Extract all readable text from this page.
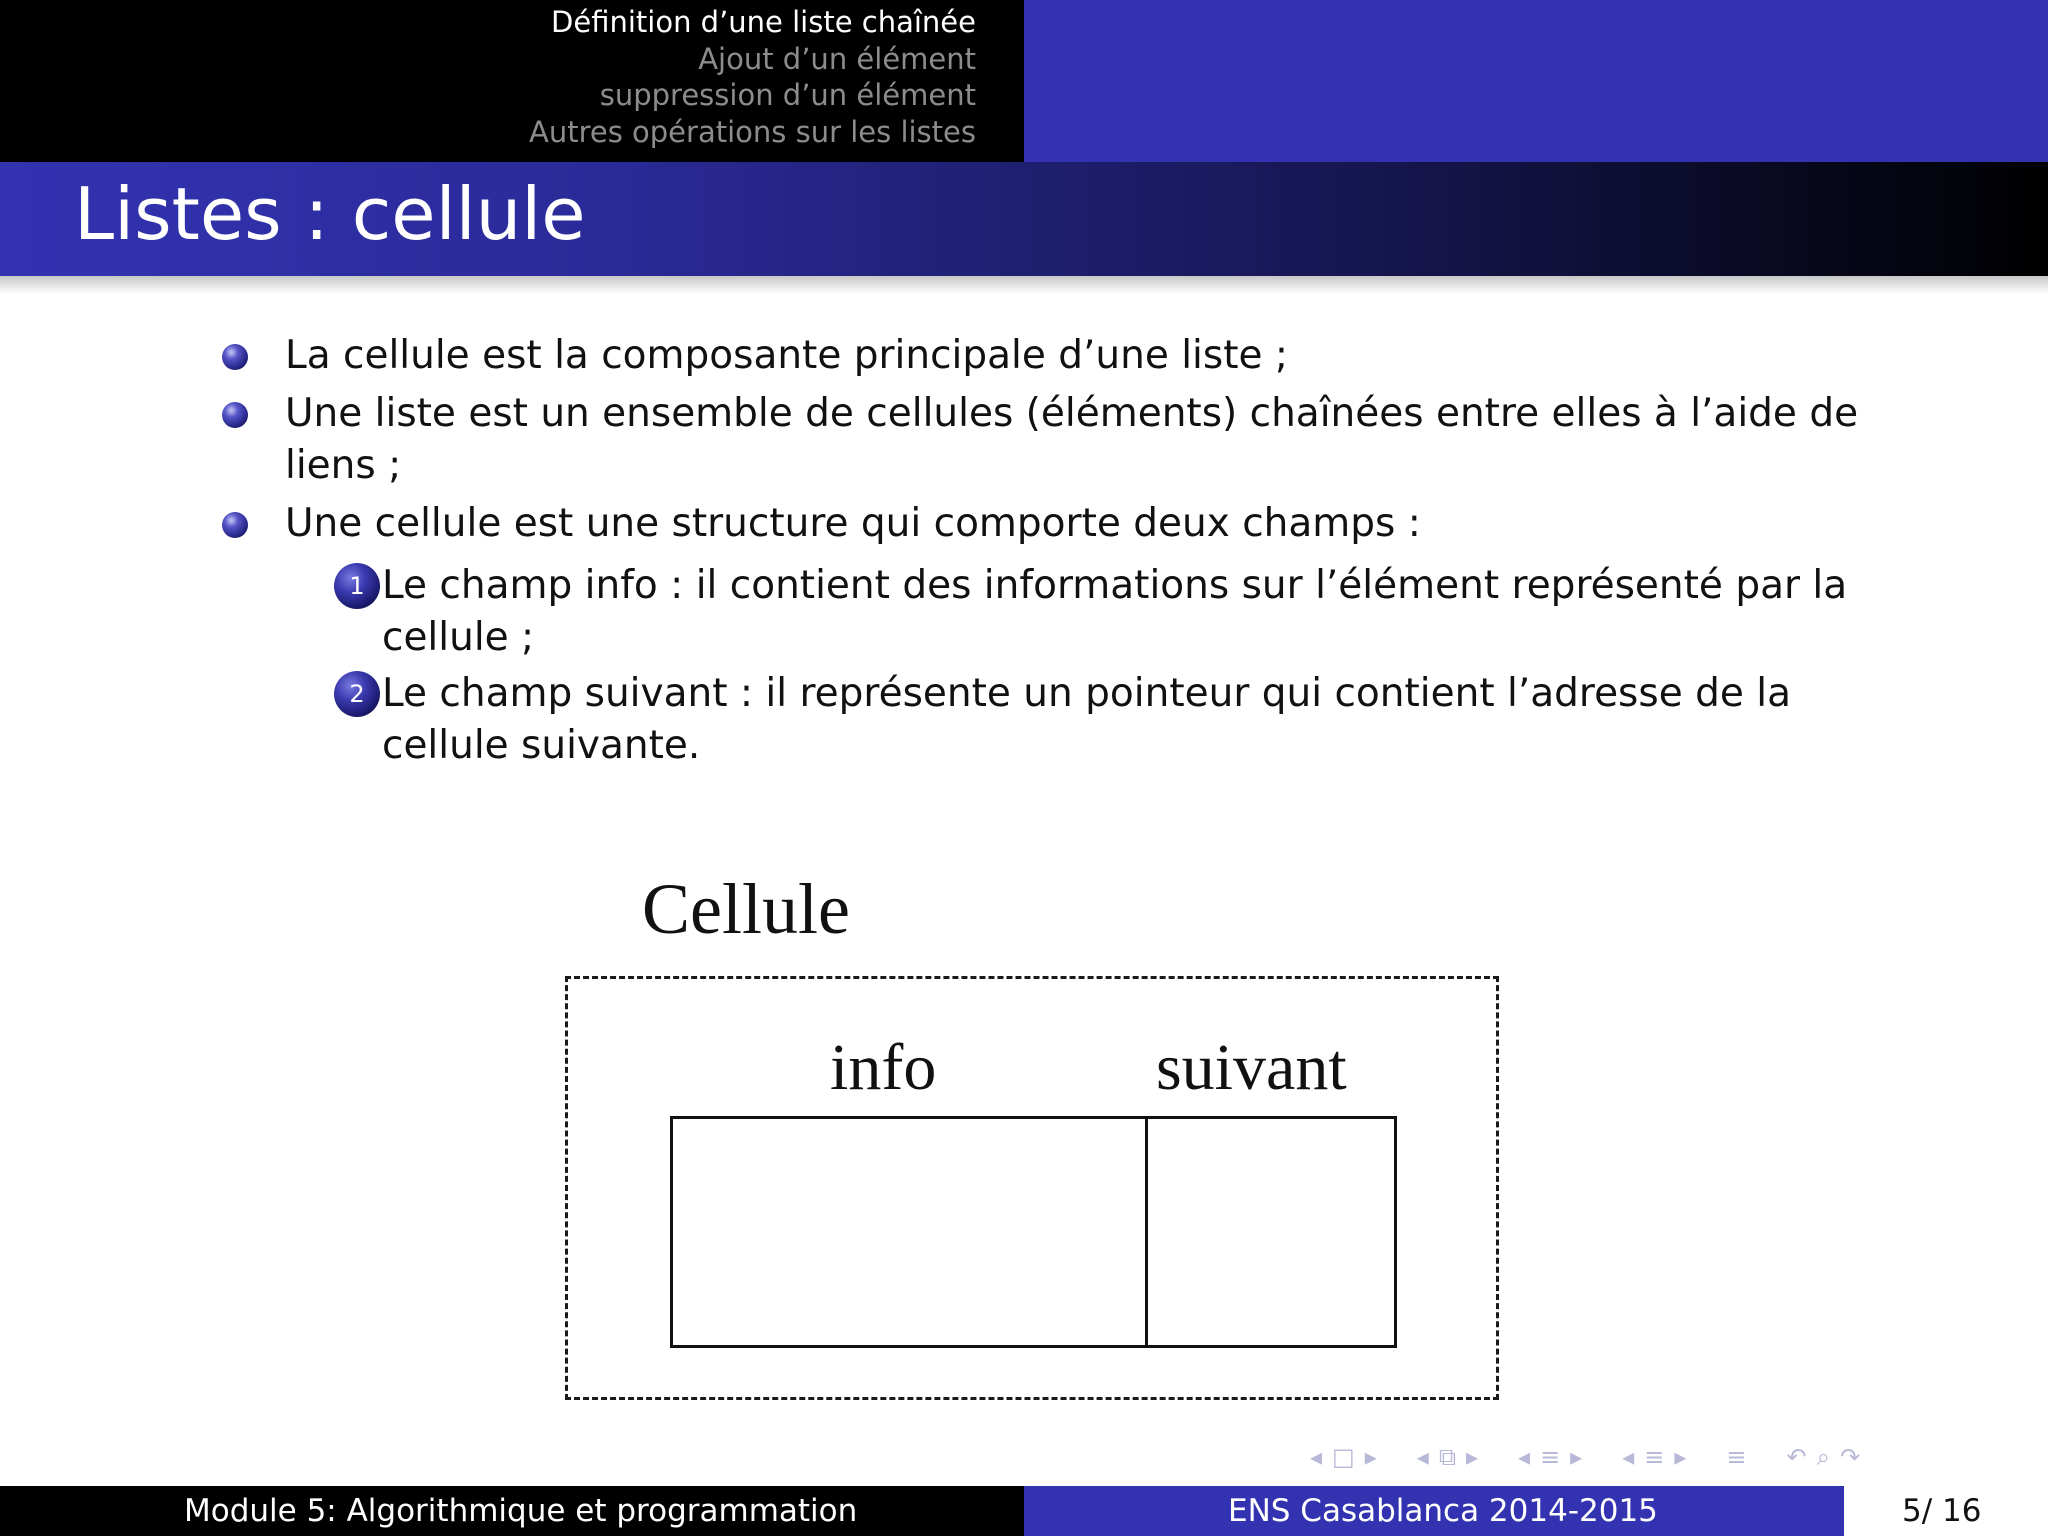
Définition d’une liste chaînée
Ajout d’un élément
suppression d’un élément
Autres opérations sur les listes
Listes : cellule
La cellule est la composante principale d’une liste ;
Une liste est un ensemble de cellules (éléments) chaînées entre elles à l’aide de liens ;
Une cellule est une structure qui comporte deux champs :
1 Le champ info : il contient des informations sur l’élément représenté par la cellule ;
2 Le champ suivant : il représente un pointeur qui contient l’adresse de la cellule suivante.
Cellule
info	suivant
◂ □ ▸ ◂ ⧉ ▸ ◂ ≡ ▸ ◂ ≡ ▸ ≡ ↶ ⌕ ↷
Module 5: Algorithmique et programmation	ENS Casablanca 2014-2015	5/ 16
